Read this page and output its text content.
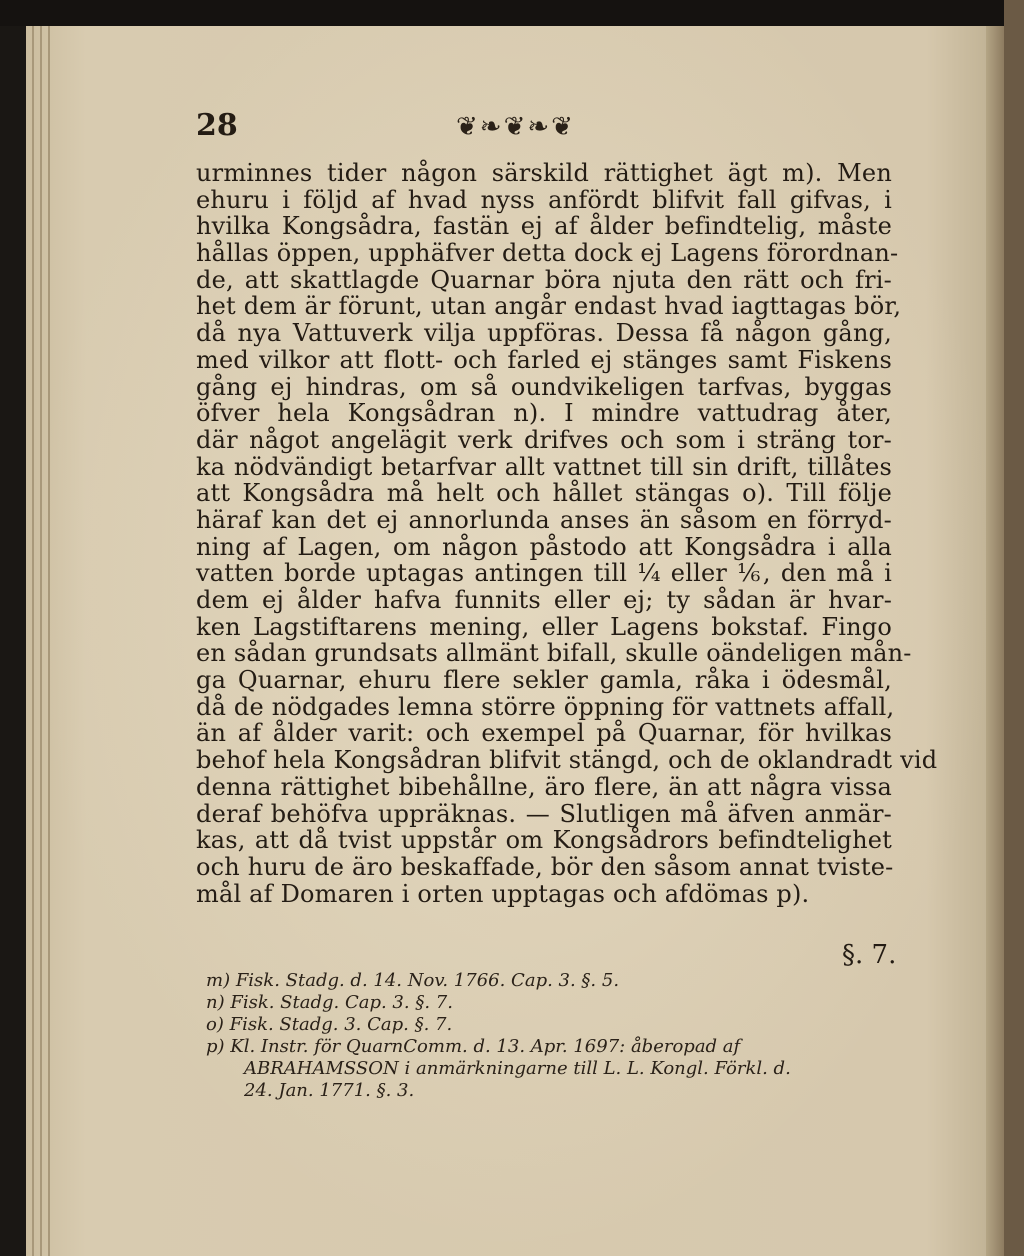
28	❦❧❦❧❦
urminnes tider någon särskild rättighet ägt m). Men
ehuru i följd af hvad nyss anfördt blifvit fall gifvas, i
hvilka Kongsådra, fastän ej af ålder befindtelig, måste
hållas öppen, upphäfver detta dock ej Lagens förordnan-
de, att skattlagde Quarnar böra njuta den rätt och fri-
het dem är förunt, utan angår endast hvad iagttagas bör,
då nya Vattuverk vilja uppföras. Dessa få någon gång,
med vilkor att flott- och farled ej stänges samt Fiskens
gång ej hindras, om så oundvikeligen tarfvas, byggas
öfver hela Kongsådran n). I mindre vattudrag åter,
där något angelägit verk drifves och som i sträng tor-
ka nödvändigt betarfvar allt vattnet till sin drift, tillåtes
att Kongsådra må helt och hållet stängas o). Till följe
häraf kan det ej annorlunda anses än såsom en förryd-
ning af Lagen, om någon påstodo att Kongsådra i alla
vatten borde uptagas antingen till ¼ eller ⅙, den må i
dem ej ålder hafva funnits eller ej; ty sådan är hvar-
ken Lagstiftarens mening, eller Lagens bokstaf. Fingo
en sådan grundsats allmänt bifall, skulle oändeligen mån-
ga Quarnar, ehuru flere sekler gamla, råka i ödesmål,
då de nödgades lemna större öppning för vattnets affall,
än af ålder varit: och exempel på Quarnar, för hvilkas
behof hela Kongsådran blifvit stängd, och de oklandradt vid
denna rättighet bibehållne, äro flere, än att några vissa
deraf behöfva uppräknas. — Slutligen må äfven anmär-
kas, att då tvist uppstår om Kongsådrors befindtelighet
och huru de äro beskaffade, bör den såsom annat tviste-
mål af Domaren i orten upptagas och afdömas p).
§. 7.
m) Fisk. Stadg. d. 14. Nov. 1766. Cap. 3. §. 5.
n) Fisk. Stadg. Cap. 3. §. 7.
o) Fisk. Stadg. 3. Cap. §. 7.
p) Kl. Instr. för QuarnComm. d. 13. Apr. 1697: åberopad af
ABRAHAMSSON i anmärkningarne till L. L. Kongl. Förkl. d.
24. Jan. 1771. §. 3.
